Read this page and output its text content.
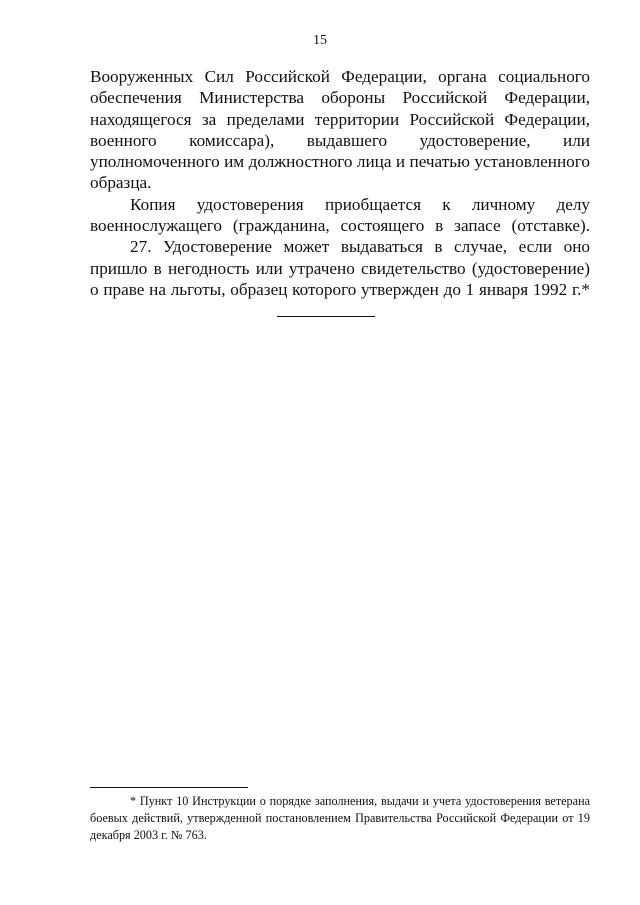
15

Вооруженных Сил Российской Федерации, органа социального обеспечения Министерства обороны Российской Федерации, находящегося за пределами территории Российской Федерации, военного комиссара), выдавшего удостоверение, или уполномоченного им должностного лица и печатью установленного образца.

Копия удостоверения приобщается к личному делу военнослужащего (гражданина, состоящего в запасе (отставке).

27. Удостоверение может выдаваться в случае, если оно пришло в негодность или утрачено свидетельство (удостоверение) о праве на льготы, образец которого утвержден до 1 января 1992 г.*

* Пункт 10 Инструкции о порядке заполнения, выдачи и учета удостоверения ветерана боевых действий, утвержденной постановлением Правительства Российской Федерации от 19 декабря 2003 г. № 763.
